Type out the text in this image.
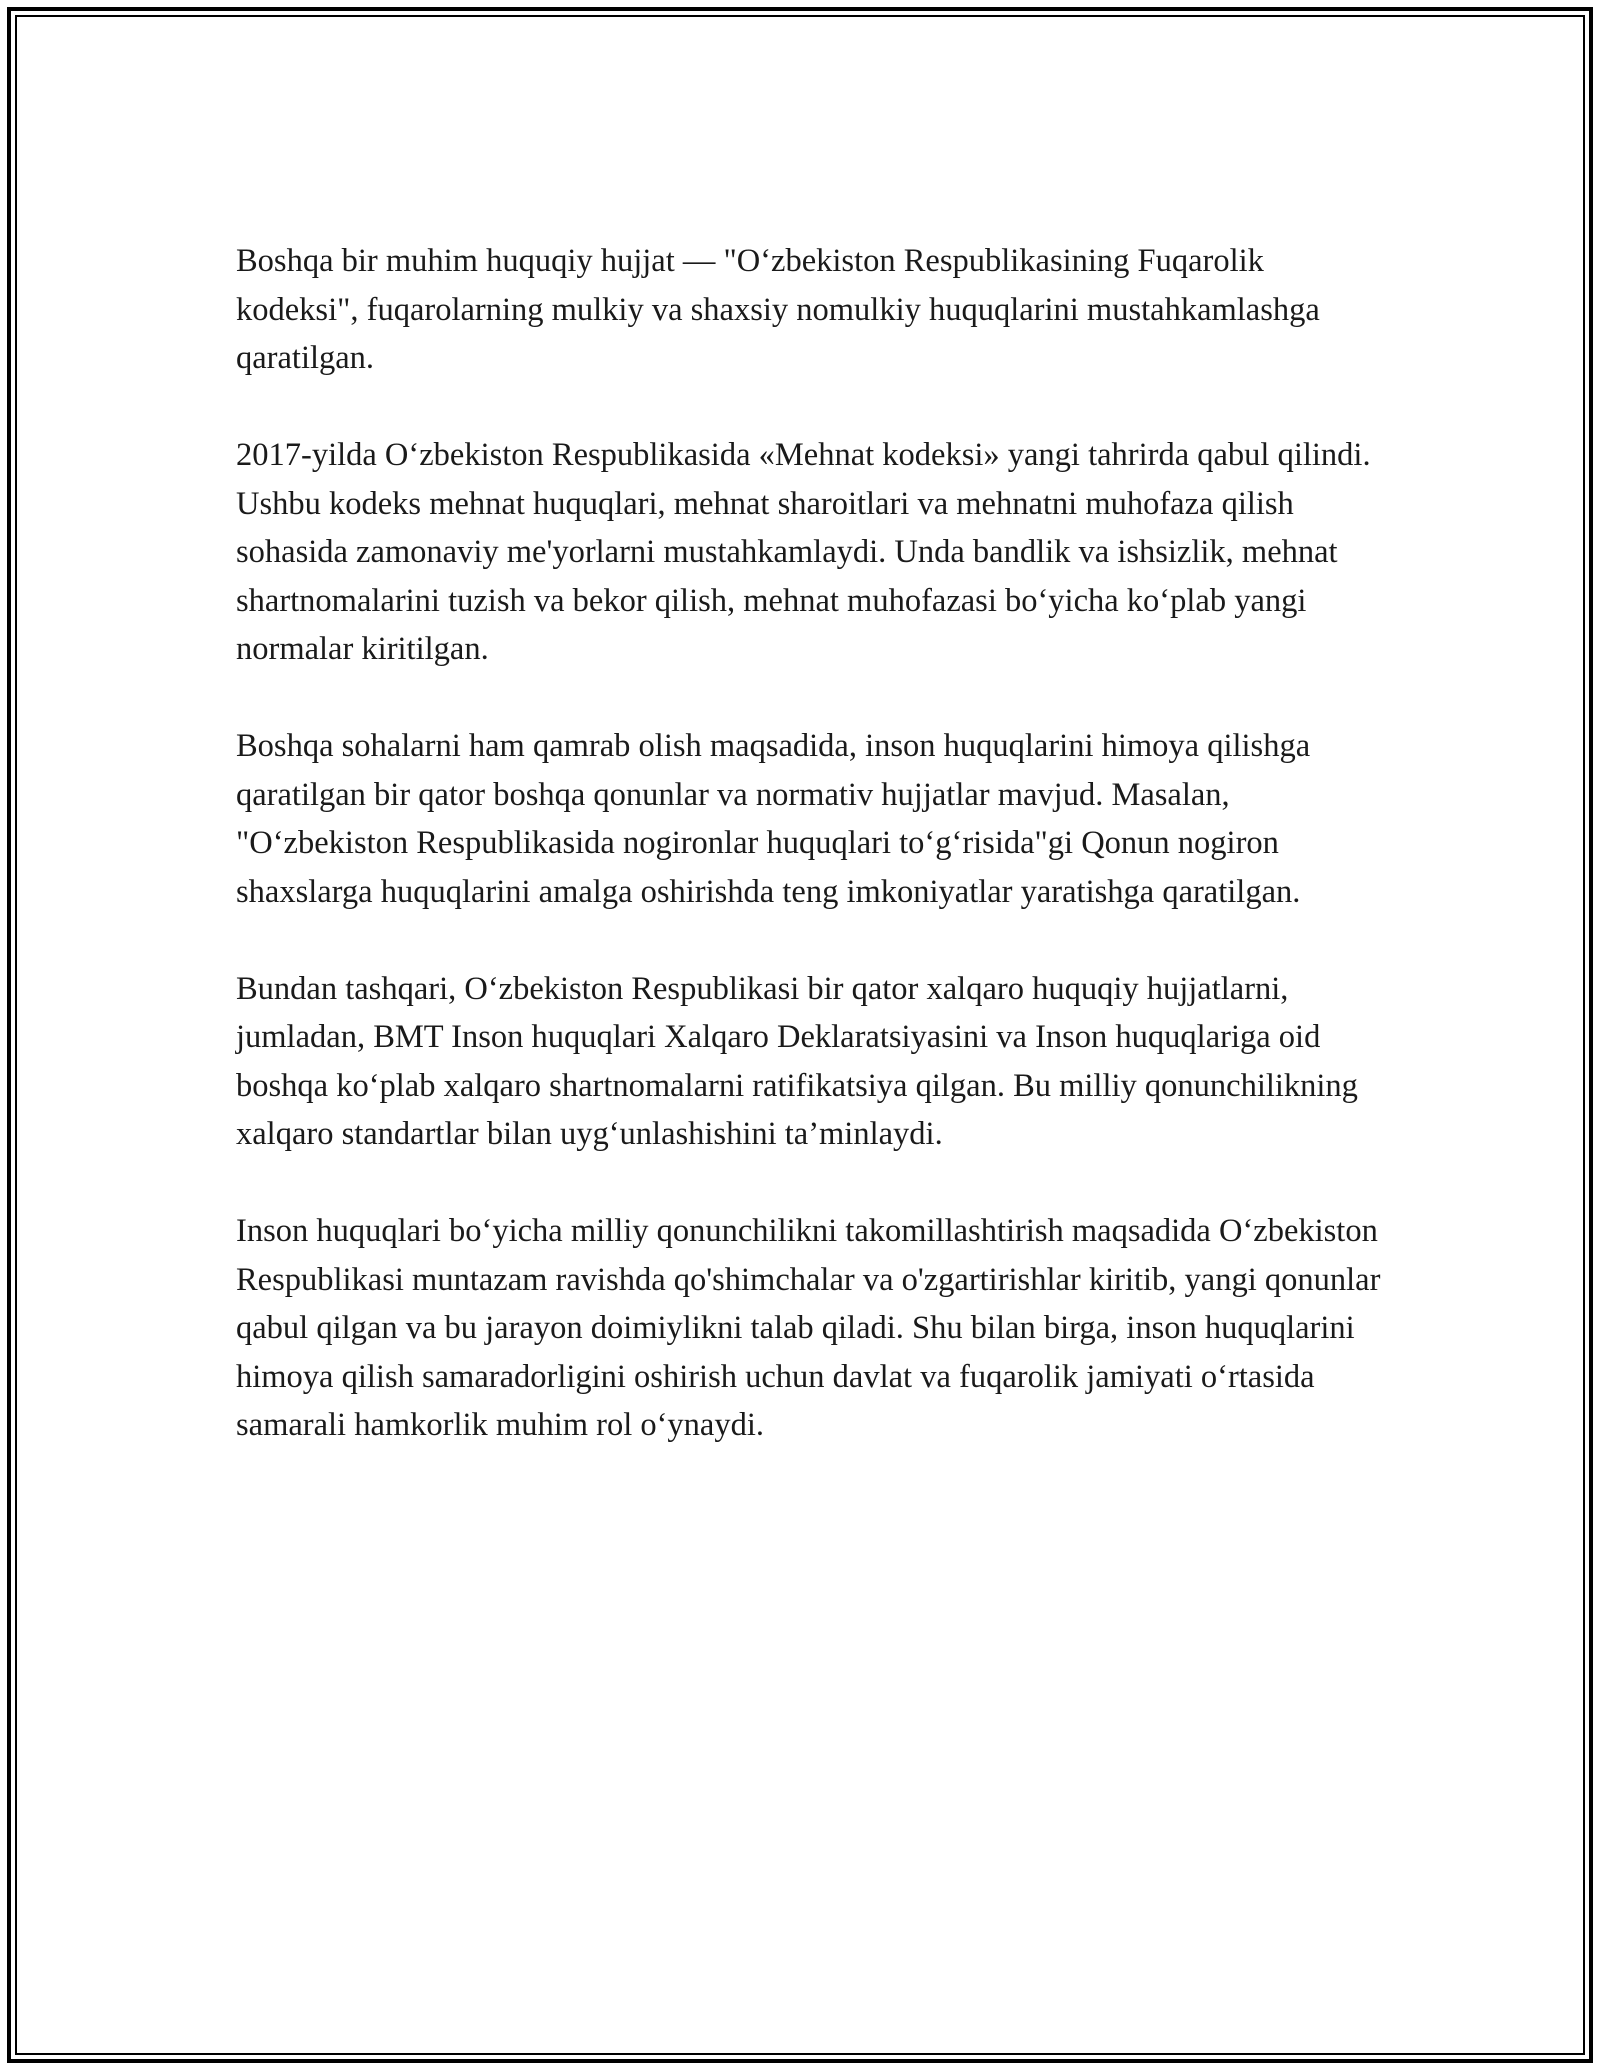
Boshqa bir muhim huquqiy hujjat — "O‘zbekiston Respublikasining Fuqarolik kodeksi", fuqarolarning mulkiy va shaxsiy nomulkiy huquqlarini mustahkamlashga qaratilgan.

2017-yilda O‘zbekiston Respublikasida «Mehnat kodeksi» yangi tahrirda qabul qilindi. Ushbu kodeks mehnat huquqlari, mehnat sharoitlari va mehnatni muhofaza qilish sohasida zamonaviy me'yorlarni mustahkamlaydi. Unda bandlik va ishsizlik, mehnat shartnomalarini tuzish va bekor qilish, mehnat muhofazasi bo‘yicha ko‘plab yangi normalar kiritilgan.

Boshqa sohalarni ham qamrab olish maqsadida, inson huquqlarini himoya qilishga qaratilgan bir qator boshqa qonunlar va normativ hujjatlar mavjud. Masalan, "O‘zbekiston Respublikasida nogironlar huquqlari to‘g‘risida"gi Qonun nogiron shaxslarga huquqlarini amalga oshirishda teng imkoniyatlar yaratishga qaratilgan.

Bundan tashqari, O‘zbekiston Respublikasi bir qator xalqaro huquqiy hujjatlarni, jumladan, BMT Inson huquqlari Xalqaro Deklaratsiyasini va Inson huquqlariga oid boshqa ko‘plab xalqaro shartnomalarni ratifikatsiya qilgan. Bu milliy qonunchilikning xalqaro standartlar bilan uyg‘unlashishini ta’minlaydi.

Inson huquqlari bo‘yicha milliy qonunchilikni takomillashtirish maqsadida O‘zbekiston Respublikasi muntazam ravishda qo'shimchalar va o'zgartirishlar kiritib, yangi qonunlar qabul qilgan va bu jarayon doimiylikni talab qiladi. Shu bilan birga, inson huquqlarini himoya qilish samaradorligini oshirish uchun davlat va fuqarolik jamiyati o‘rtasida samarali hamkorlik muhim rol o‘ynaydi.
